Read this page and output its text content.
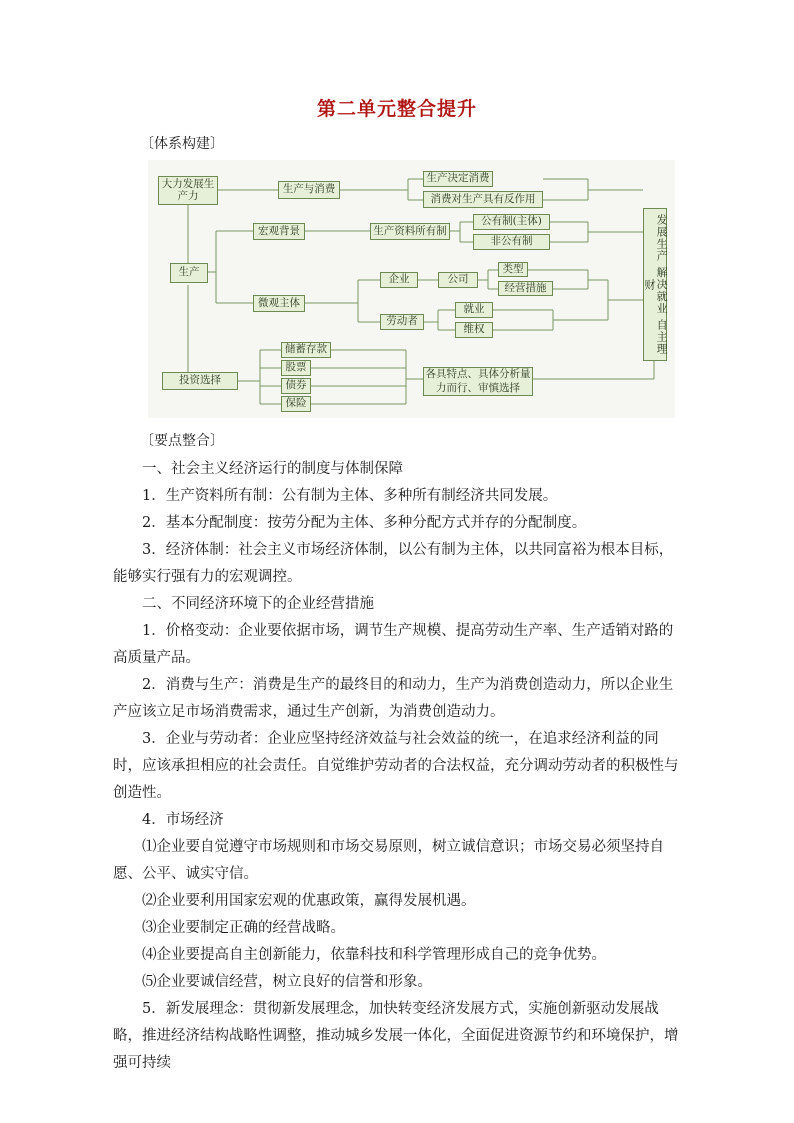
第二单元整合提升
〔体系构建〕
大力发展生产力
生产与消费
生产决定消费
消费对生产具有反作用
生产
宏观背景	生产资料所有制
公有制(主体)
非公有制
微观主体
企业	公司
类型
经营措施
劳动者
就业
维权
投资选择
储蓄存款
股票
债券
保险
各具特点、具体分析量力而行、审慎选择
发展生产 解决就业 自主理财
〔要点整合〕

一、社会主义经济运行的制度与体制保障

1．生产资料所有制：公有制为主体、多种所有制经济共同发展。

2．基本分配制度：按劳分配为主体、多种分配方式并存的分配制度。

3．经济体制：社会主义市场经济体制，以公有制为主体，以共同富裕为根本目标，能够实行强有力的宏观调控。

二、不同经济环境下的企业经营措施

1．价格变动：企业要依据市场，调节生产规模、提高劳动生产率、生产适销对路的高质量产品。

2．消费与生产：消费是生产的最终目的和动力，生产为消费创造动力，所以企业生产应该立足市场消费需求，通过生产创新，为消费创造动力。

3．企业与劳动者：企业应坚持经济效益与社会效益的统一，在追求经济利益的同时，应该承担相应的社会责任。自觉维护劳动者的合法权益，充分调动劳动者的积极性与创造性。

4．市场经济

⑴企业要自觉遵守市场规则和市场交易原则，树立诚信意识；市场交易必须坚持自愿、公平、诚实守信。

⑵企业要利用国家宏观的优惠政策，赢得发展机遇。

⑶企业要制定正确的经营战略。

⑷企业要提高自主创新能力，依靠科技和科学管理形成自己的竞争优势。

⑸企业要诚信经营，树立良好的信誉和形象。

5．新发展理念：贯彻新发展理念，加快转变经济发展方式，实施创新驱动发展战略，推进经济结构战略性调整，推动城乡发展一体化，全面促进资源节约和环境保护，增强可持续
